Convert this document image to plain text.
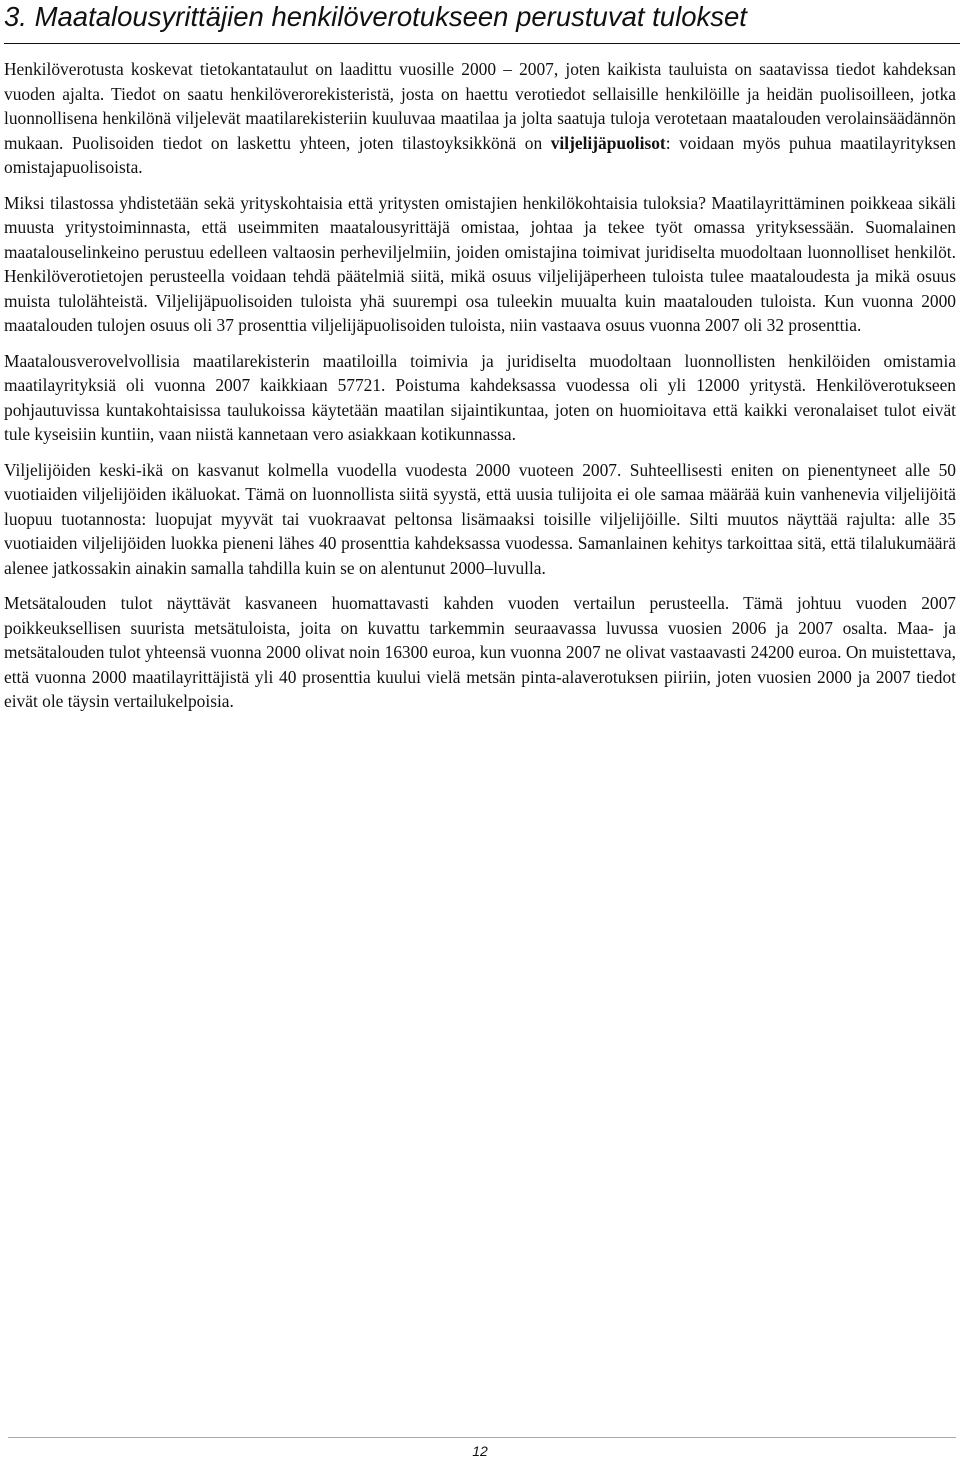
3. Maatalousyrittäjien henkilöverotukseen perustuvat tulokset

Henkilöverotusta koskevat tietokantataulut on laadittu vuosille 2000 – 2007, joten kaikista tauluista on saatavissa tiedot kahdeksan vuoden ajalta. Tiedot on saatu henkilöverorekisteristä, josta on haettu verotiedot sellaisille henkilöille ja heidän puolisoilleen, jotka luonnollisena henkilönä viljelevät maatilarekisteriin kuuluvaa maatilaa ja jolta saatuja tuloja verotetaan maatalouden verolainsäädännön mukaan. Puolisoiden tiedot on laskettu yhteen, joten tilastoyksikkönä on viljelijäpuolisot: voidaan myös puhua maatilayrityksen omistajapuolisoista.

Miksi tilastossa yhdistetään sekä yrityskohtaisia että yritysten omistajien henkilökohtaisia tuloksia? Maatilayrittäminen poikkeaa sikäli muusta yritystoiminnasta, että useimmiten maatalousyrittäjä omistaa, johtaa ja tekee työt omassa yrityksessään. Suomalainen maatalouselinkeino perustuu edelleen valtaosin perheviljelmiin, joiden omistajina toimivat juridiselta muodoltaan luonnolliset henkilöt. Henkilöverotietojen perusteella voidaan tehdä päätelmiä siitä, mikä osuus viljelijäperheen tuloista tulee maataloudesta ja mikä osuus muista tulolähteistä. Viljelijäpuolisoiden tuloista yhä suurempi osa tuleekin muualta kuin maatalouden tuloista. Kun vuonna 2000 maatalouden tulojen osuus oli 37 prosenttia viljelijäpuolisoiden tuloista, niin vastaava osuus vuonna 2007 oli 32 prosenttia.

Maatalousverovelvollisia maatilarekisterin maatiloilla toimivia ja juridiselta muodoltaan luonnollisten henkilöiden omistamia maatilayrityksiä oli vuonna 2007 kaikkiaan 57721. Poistuma kahdeksassa vuodessa oli yli 12000 yritystä. Henkilöverotukseen pohjautuvissa kuntakohtaisissa taulukoissa käytetään maatilan sijaintikuntaa, joten on huomioitava että kaikki veronalaiset tulot eivät tule kyseisiin kuntiin, vaan niistä kannetaan vero asiakkaan kotikunnassa.

Viljelijöiden keski-ikä on kasvanut kolmella vuodella vuodesta 2000 vuoteen 2007. Suhteellisesti eniten on pienentyneet alle 50 vuotiaiden viljelijöiden ikäluokat. Tämä on luonnollista siitä syystä, että uusia tulijoita ei ole samaa määrää kuin vanhenevia viljelijöitä luopuu tuotannosta: luopujat myyvät tai vuokraavat peltonsa lisämaaksi toisille viljelijöille. Silti muutos näyttää rajulta: alle 35 vuotiaiden viljelijöiden luokka pieneni lähes 40 prosenttia kahdeksassa vuodessa. Samanlainen kehitys tarkoittaa sitä, että tilalukumäärä alenee jatkossakin ainakin samalla tahdilla kuin se on alentunut 2000–luvulla.

Metsätalouden tulot näyttävät kasvaneen huomattavasti kahden vuoden vertailun perusteella. Tämä johtuu vuoden 2007 poikkeuksellisen suurista metsätuloista, joita on kuvattu tarkemmin seuraavassa luvussa vuosien 2006 ja 2007 osalta. Maa- ja metsätalouden tulot yhteensä vuonna 2000 olivat noin 16300 euroa, kun vuonna 2007 ne olivat vastaavasti 24200 euroa. On muistettava, että vuonna 2000 maatilayrittäjistä yli 40 prosenttia kuului vielä metsän pinta-alaverotuksen piiriin, joten vuosien 2000 ja 2007 tiedot eivät ole täysin vertailukelpoisia.

12
